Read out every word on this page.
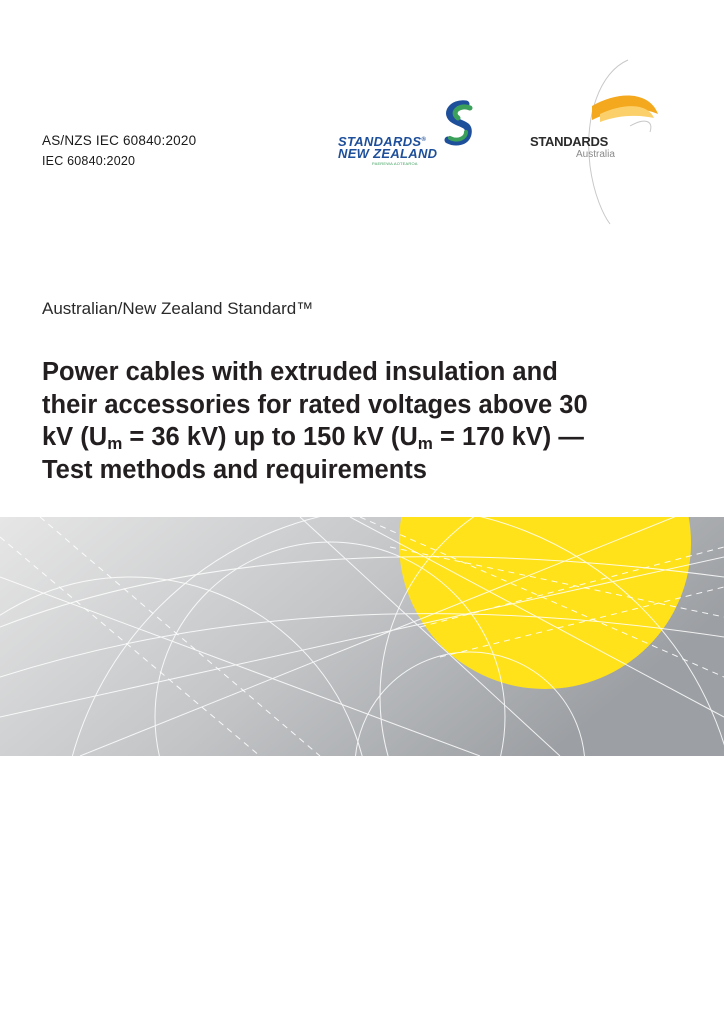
AS/NZS IEC 60840:2020
IEC 60840:2020
STANDARDS®
NEW ZEALAND
PAEREWA AOTEAROA
STANDARDS
Australia
Australian/New Zealand Standard™
Power cables with extruded insulation and
their accessories for rated voltages above 30
kV ($U_m = 36$ kV) up to 150 kV ($U_m = 170$ kV) —
Test methods and requirements
